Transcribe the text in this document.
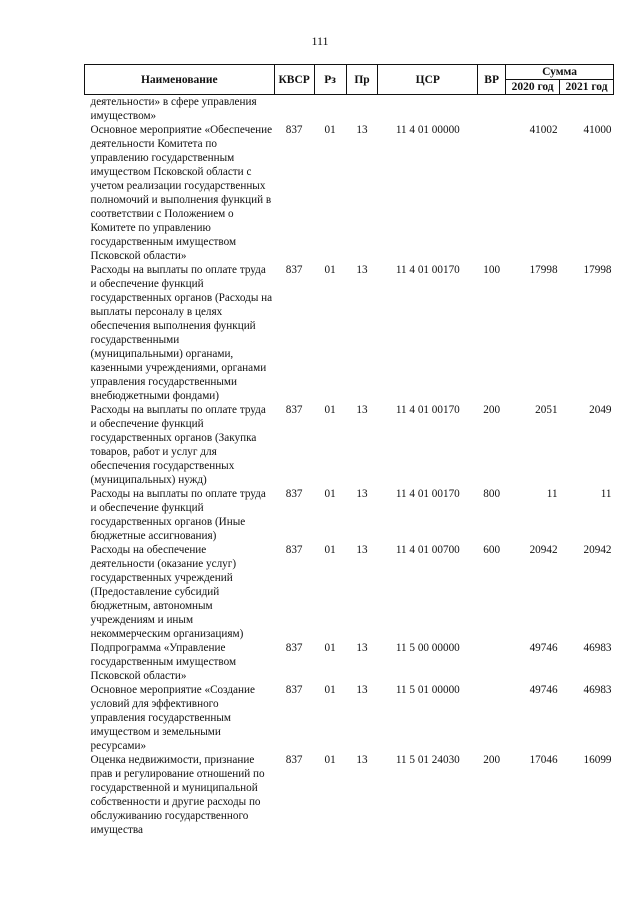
111
Наименование	КВСР	Рз	Пр	ЦСР	ВР	Сумма	
						2020 год	2021 год
деятельности» в сфере управления имуществом»							
Основное мероприятие «Обеспечение деятельности Комитета по управлению государственным имуществом Псковской области с учетом реализации государственных полномочий и выполнения функций в соответствии с Положением о Комитете по управлению государственным имуществом Псковской области»	837	01	13	11 4 01 00000		41002	41000
Расходы на выплаты по оплате труда и обеспечение функций государственных органов (Расходы на выплаты персоналу в целях обеспечения выполнения функций государственными (муниципальными) органами, казенными учреждениями, органами управления государственными внебюджетными фондами)	837	01	13	11 4 01 00170	100	17998	17998
Расходы на выплаты по оплате труда и обеспечение функций государственных органов (Закупка товаров, работ и услуг для обеспечения государственных (муниципальных) нужд)	837	01	13	11 4 01 00170	200	2051	2049
Расходы на выплаты по оплате труда и обеспечение функций государственных органов (Иные бюджетные ассигнования)	837	01	13	11 4 01 00170	800	11	11
Расходы на обеспечение деятельности (оказание услуг) государственных учреждений (Предоставление субсидий бюджетным, автономным учреждениям и иным некоммерческим организациям)	837	01	13	11 4 01 00700	600	20942	20942
Подпрограмма «Управление государственным имуществом Псковской области»	837	01	13	11 5 00 00000		49746	46983
Основное мероприятие «Создание условий для эффективного управления государственным имуществом и земельными ресурсами»	837	01	13	11 5 01 00000		49746	46983
Оценка недвижимости, признание прав и регулирование отношений по государственной и муниципальной собственности и другие расходы по обслуживанию государственного имущества	837	01	13	11 5 01 24030	200	17046	16099
